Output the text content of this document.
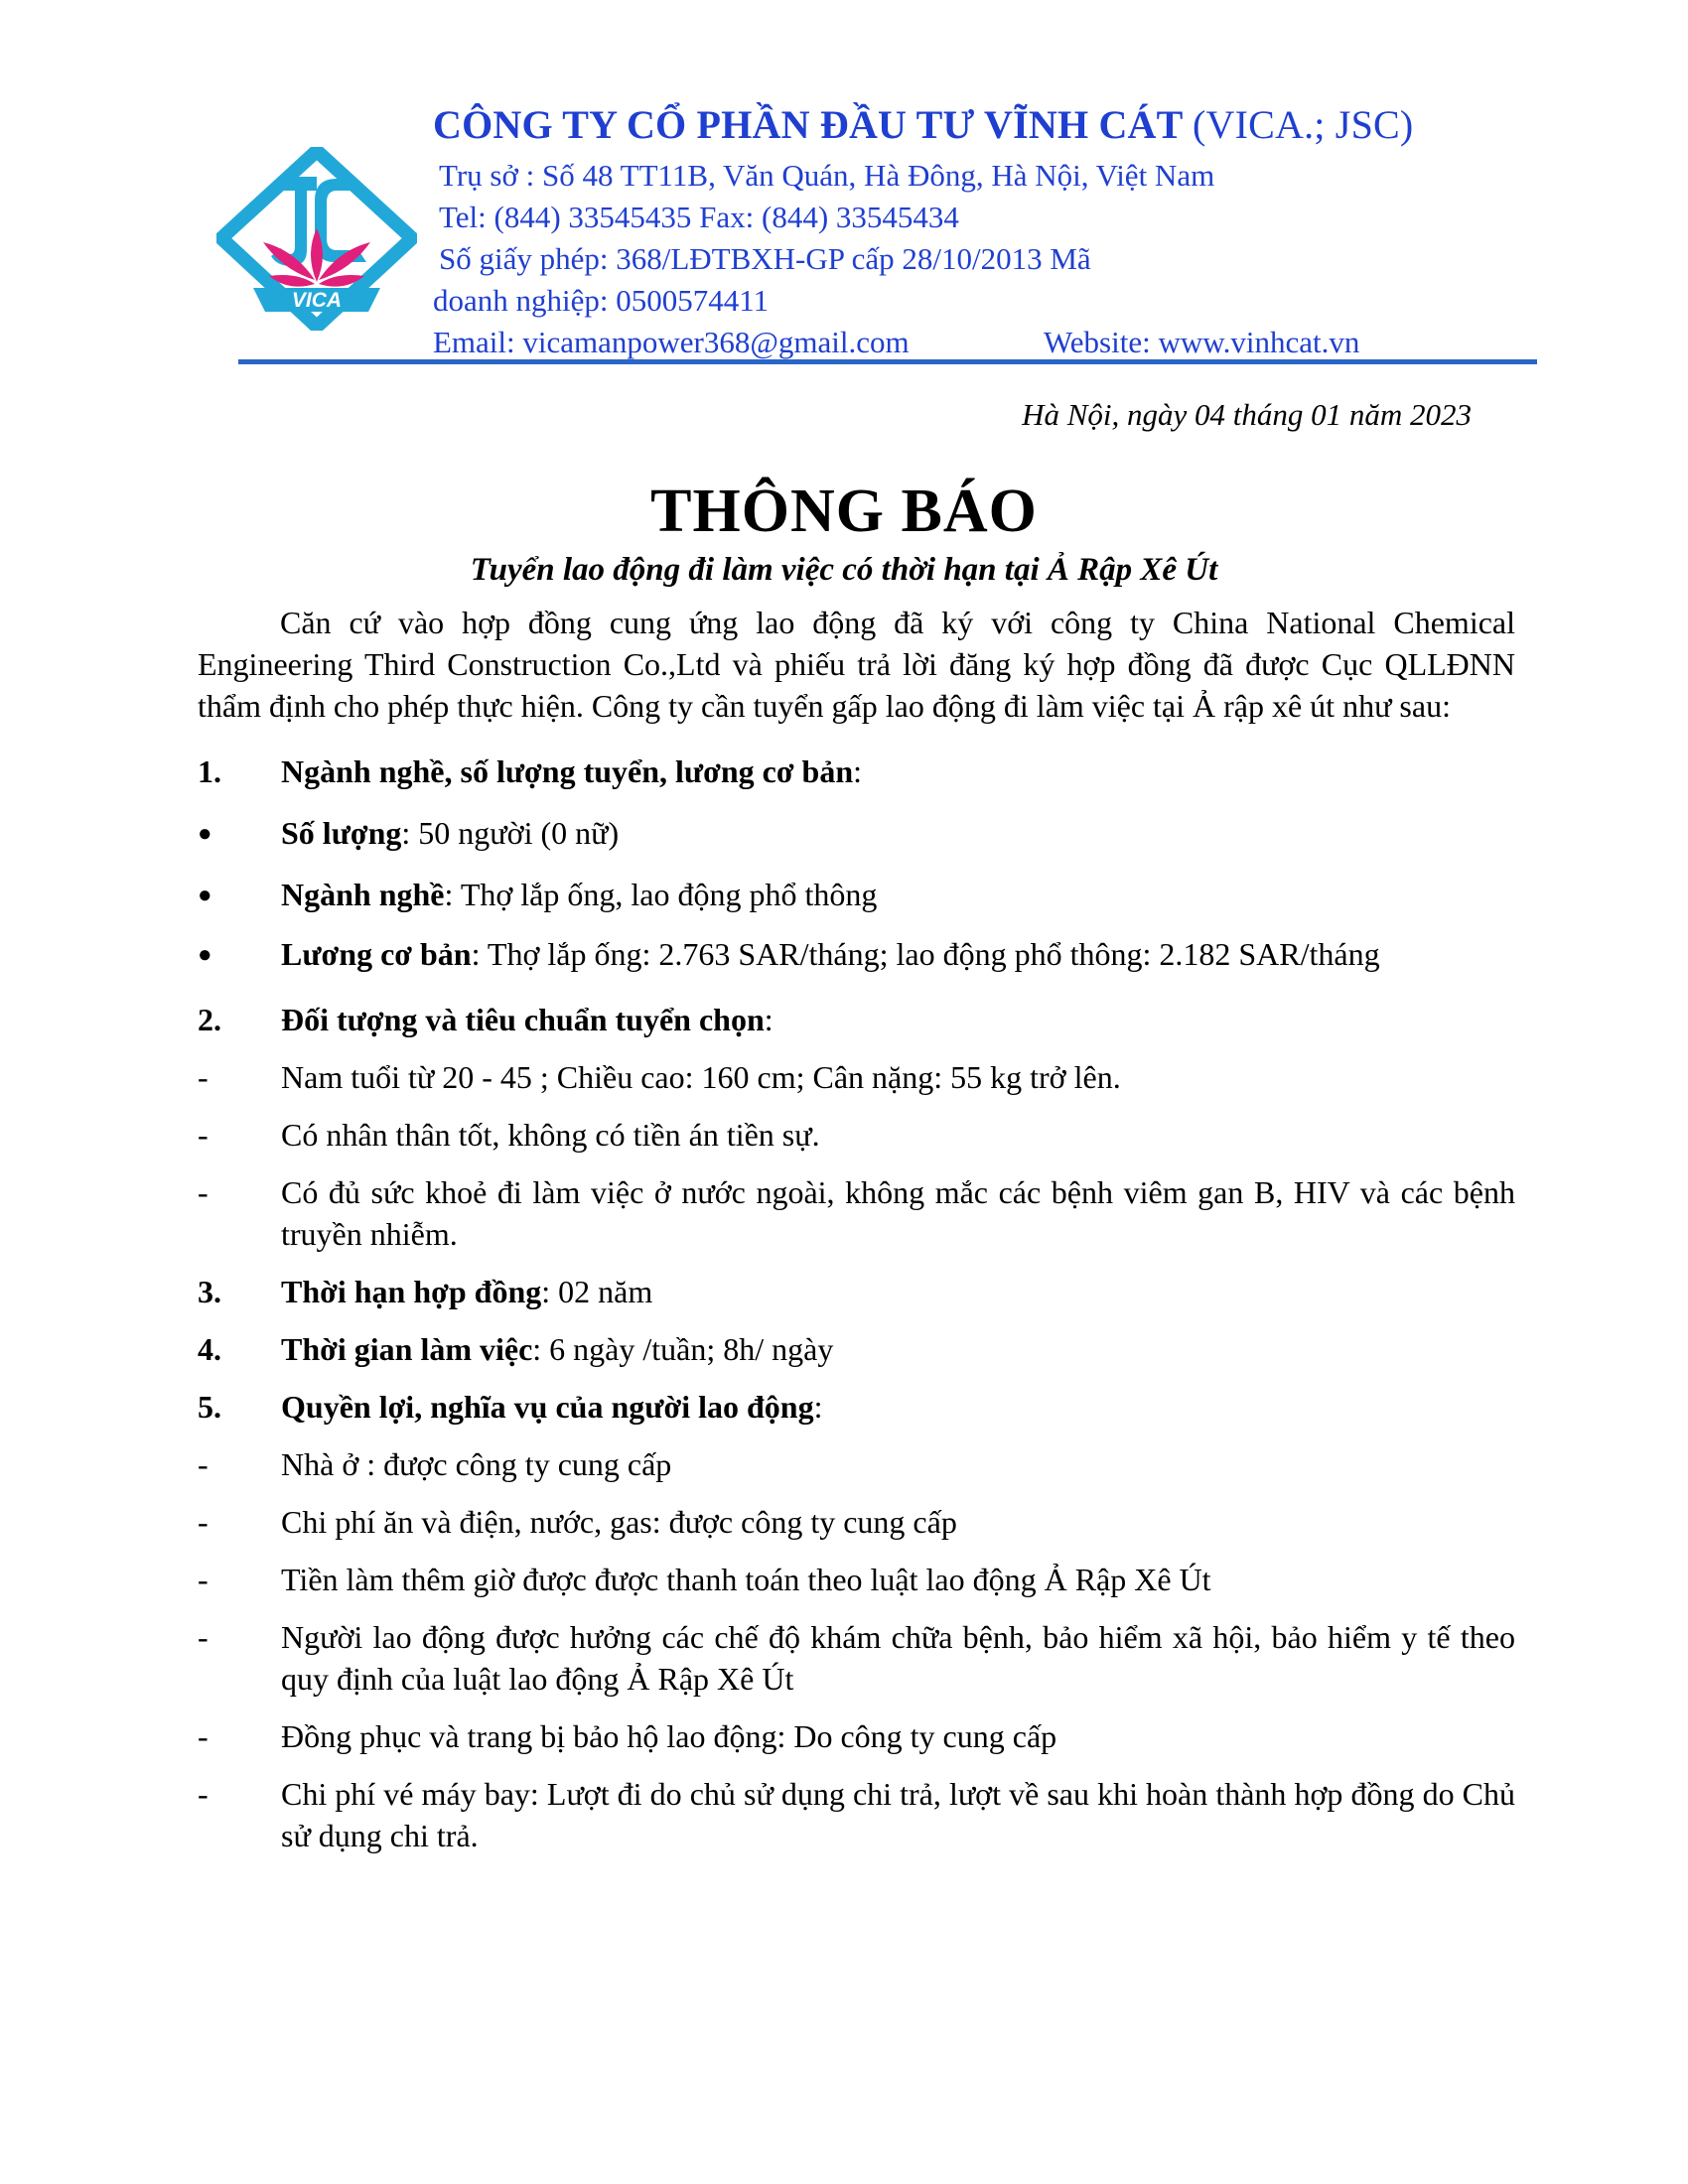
VICA
CÔNG TY CỔ PHẦN ĐẦU TƯ VĨNH CÁT (VICA.; JSC)
Trụ sở : Số 48 TT11B, Văn Quán, Hà Đông, Hà Nội, Việt Nam
Tel: (844) 33545435 Fax: (844) 33545434
Số giấy phép: 368/LĐTBXH-GP cấp 28/10/2013 Mã
doanh nghiệp: 0500574411
Email: vicamanpower368@gmail.com	Website: www.vinhcat.vn
Hà Nội, ngày 04 tháng 01 năm 2023
THÔNG BÁO
Tuyển lao động đi làm việc có thời hạn tại Ả Rập Xê Út

Căn cứ vào hợp đồng cung ứng lao động đã ký với công ty China National Chemical Engineering Third Construction Co.,Ltd và phiếu trả lời đăng ký hợp đồng đã được Cục QLLĐNN thẩm định cho phép thực hiện. Công ty cần tuyển gấp lao động đi làm việc tại Ả rập xê út như sau:

1. Ngành nghề, số lượng tuyển, lương cơ bản:

● Số lượng: 50 người (0 nữ)

● Ngành nghề: Thợ lắp ống, lao động phổ thông

● Lương cơ bản: Thợ lắp ống: 2.763 SAR/tháng; lao động phổ thông: 2.182 SAR/tháng

2. Đối tượng và tiêu chuẩn tuyển chọn:

- Nam tuổi từ 20 - 45 ; Chiều cao: 160 cm; Cân nặng: 55 kg trở lên.

- Có nhân thân tốt, không có tiền án tiền sự.

- Có đủ sức khoẻ đi làm việc ở nước ngoài, không mắc các bệnh viêm gan B, HIV và các bệnh truyền nhiễm.

3. Thời hạn hợp đồng: 02 năm

4. Thời gian làm việc: 6 ngày /tuần; 8h/ ngày

5. Quyền lợi, nghĩa vụ của người lao động:

- Nhà ở : được công ty cung cấp

- Chi phí ăn và điện, nước, gas: được công ty cung cấp

- Tiền làm thêm giờ được được thanh toán theo luật lao động Ả Rập Xê Út

- Người lao động được hưởng các chế độ khám chữa bệnh, bảo hiểm xã hội, bảo hiểm y tế theo quy định của luật lao động Ả Rập Xê Út

- Đồng phục và trang bị bảo hộ lao động: Do công ty cung cấp

- Chi phí vé máy bay: Lượt đi do chủ sử dụng chi trả, lượt về sau khi hoàn thành hợp đồng do Chủ sử dụng chi trả.
